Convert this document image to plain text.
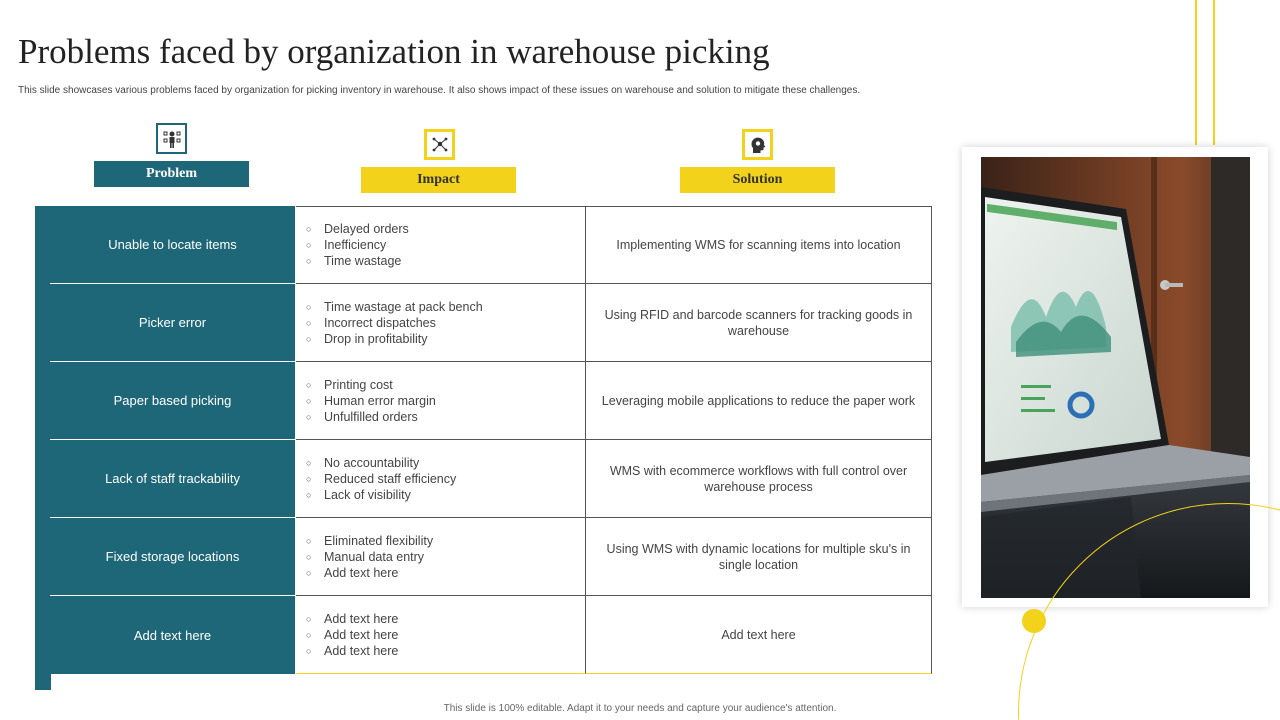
Problems faced by organization in warehouse picking
This slide showcases various problems faced by organization for picking inventory in warehouse. It also shows impact of these issues on warehouse and solution to mitigate these challenges.
Problem	Impact	Solution
Unable to locate items
○ Delayed orders
○ Inefficiency
○ Time wastage
Implementing WMS for scanning items into location
Picker error
○ Time wastage at pack bench
○ Incorrect dispatches
○ Drop in profitability
Using RFID and barcode scanners for tracking goods in warehouse
Paper based picking
○ Printing cost
○ Human error margin
○ Unfulfilled orders
Leveraging mobile applications to reduce the paper work
Lack of staff trackability
○ No accountability
○ Reduced staff efficiency
○ Lack of visibility
WMS with ecommerce workflows with full control over warehouse process
Fixed storage locations
○ Eliminated flexibility
○ Manual data entry
○ Add text here
Using WMS with dynamic locations for multiple sku's in single location
Add text here
○ Add text here
○ Add text here
○ Add text here
Add text here
This slide is 100% editable. Adapt it to your needs and capture your audience's attention.
